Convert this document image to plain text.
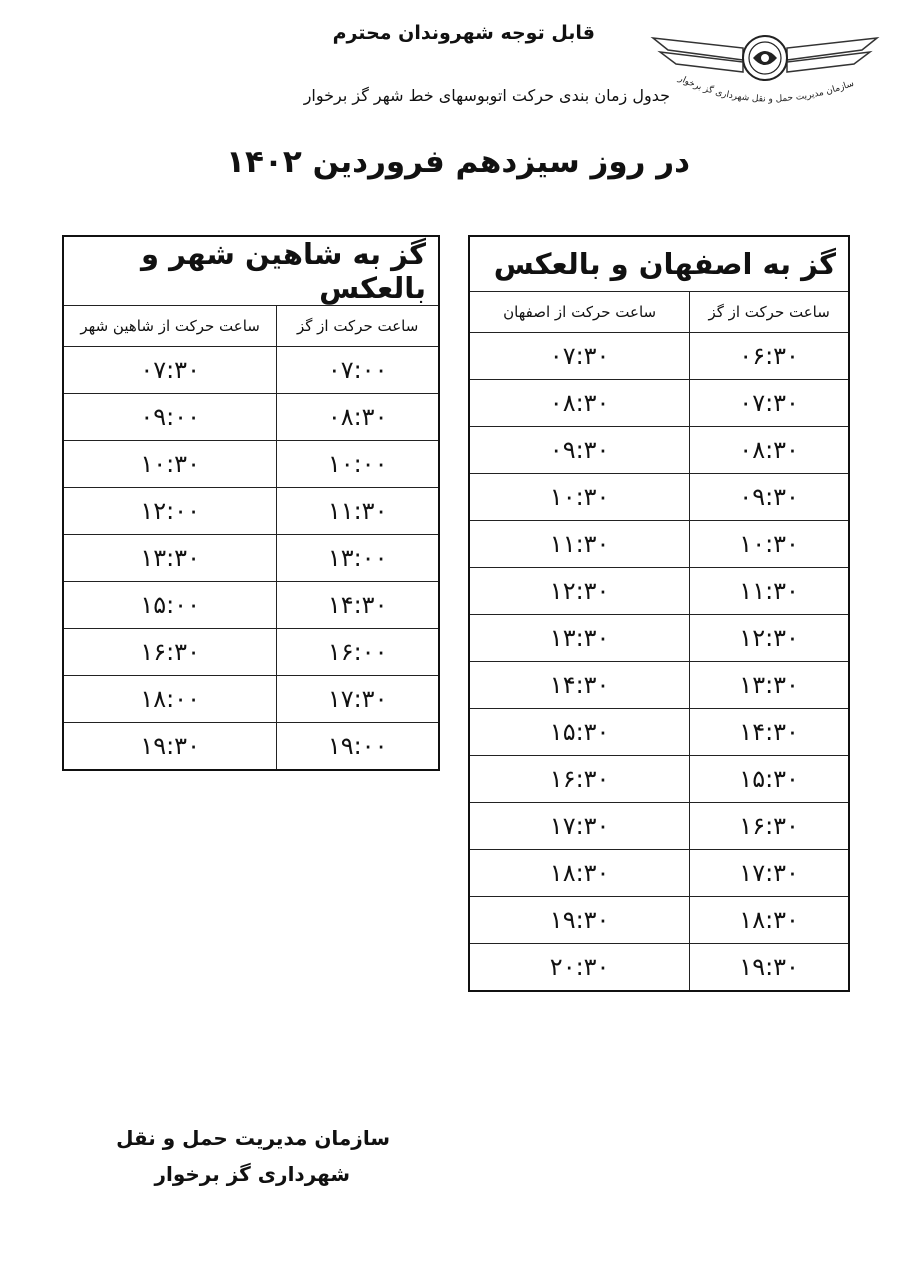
قابل توجه شهروندان محترم
جدول زمان بندی حرکت اتوبوسهای خط شهر گز برخوار
در روز سیزدهم فروردین ۱۴۰۲
سازمان مدیریت حمل و نقل شهرداری گز برخوار
گز به اصفهان و بالعکس	
ساعت حرکت از گز	ساعت حرکت از اصفهان
۰۶:۳۰	۰۷:۳۰
۰۷:۳۰	۰۸:۳۰
۰۸:۳۰	۰۹:۳۰
۰۹:۳۰	۱۰:۳۰
۱۰:۳۰	۱۱:۳۰
۱۱:۳۰	۱۲:۳۰
۱۲:۳۰	۱۳:۳۰
۱۳:۳۰	۱۴:۳۰
۱۴:۳۰	۱۵:۳۰
۱۵:۳۰	۱۶:۳۰
۱۶:۳۰	۱۷:۳۰
۱۷:۳۰	۱۸:۳۰
۱۸:۳۰	۱۹:۳۰
۱۹:۳۰	۲۰:۳۰
گز به شاهین شهر و بالعکس	
ساعت حرکت از گز	ساعت حرکت از شاهین شهر
۰۷:۰۰	۰۷:۳۰
۰۸:۳۰	۰۹:۰۰
۱۰:۰۰	۱۰:۳۰
۱۱:۳۰	۱۲:۰۰
۱۳:۰۰	۱۳:۳۰
۱۴:۳۰	۱۵:۰۰
۱۶:۰۰	۱۶:۳۰
۱۷:۳۰	۱۸:۰۰
۱۹:۰۰	۱۹:۳۰
سازمان مدیریت حمل و نقل
شهرداری گز برخوار
